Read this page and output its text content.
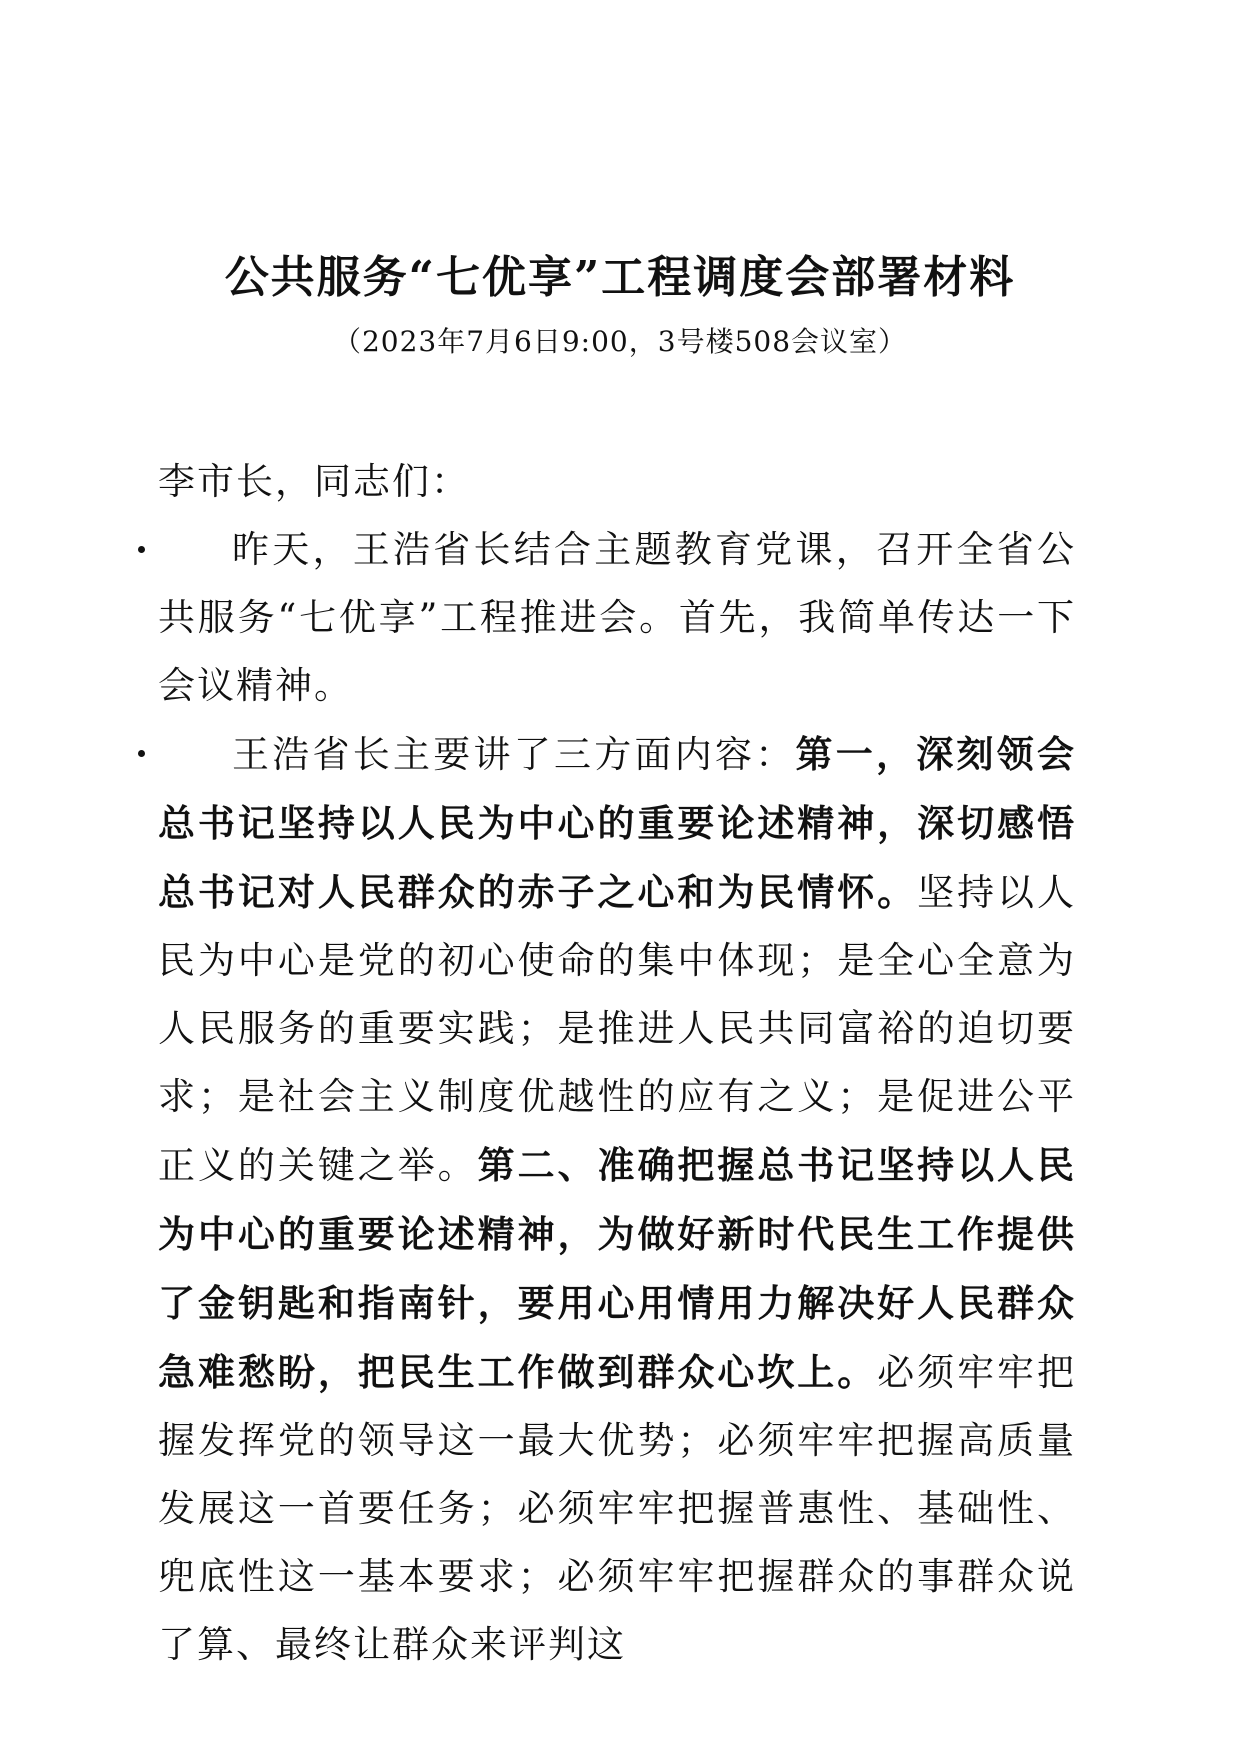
公共服务“七优享”工程调度会部署材料

（2023年7月6日9:00，3号楼508会议室）

李市长，同志们：

昨天，王浩省长结合主题教育党课，召开全省公共服务“七优享”工程推进会。首先，我简单传达一下会议精神。

王浩省长主要讲了三方面内容：第一，深刻领会总书记坚持以人民为中心的重要论述精神，深切感悟总书记对人民群众的赤子之心和为民情怀。坚持以人民为中心是党的初心使命的集中体现；是全心全意为人民服务的重要实践；是推进人民共同富裕的迫切要求；是社会主义制度优越性的应有之义；是促进公平正义的关键之举。第二、准确把握总书记坚持以人民为中心的重要论述精神，为做好新时代民生工作提供了金钥匙和指南针，要用心用情用力解决好人民群众急难愁盼，把民生工作做到群众心坎上。必须牢牢把握发挥党的领导这一最大优势；必须牢牢把握高质量发展这一首要任务；必须牢牢把握普惠性、基础性、兜底性这一基本要求；必须牢牢把握群众的事群众说了算、最终让群众来评判这
